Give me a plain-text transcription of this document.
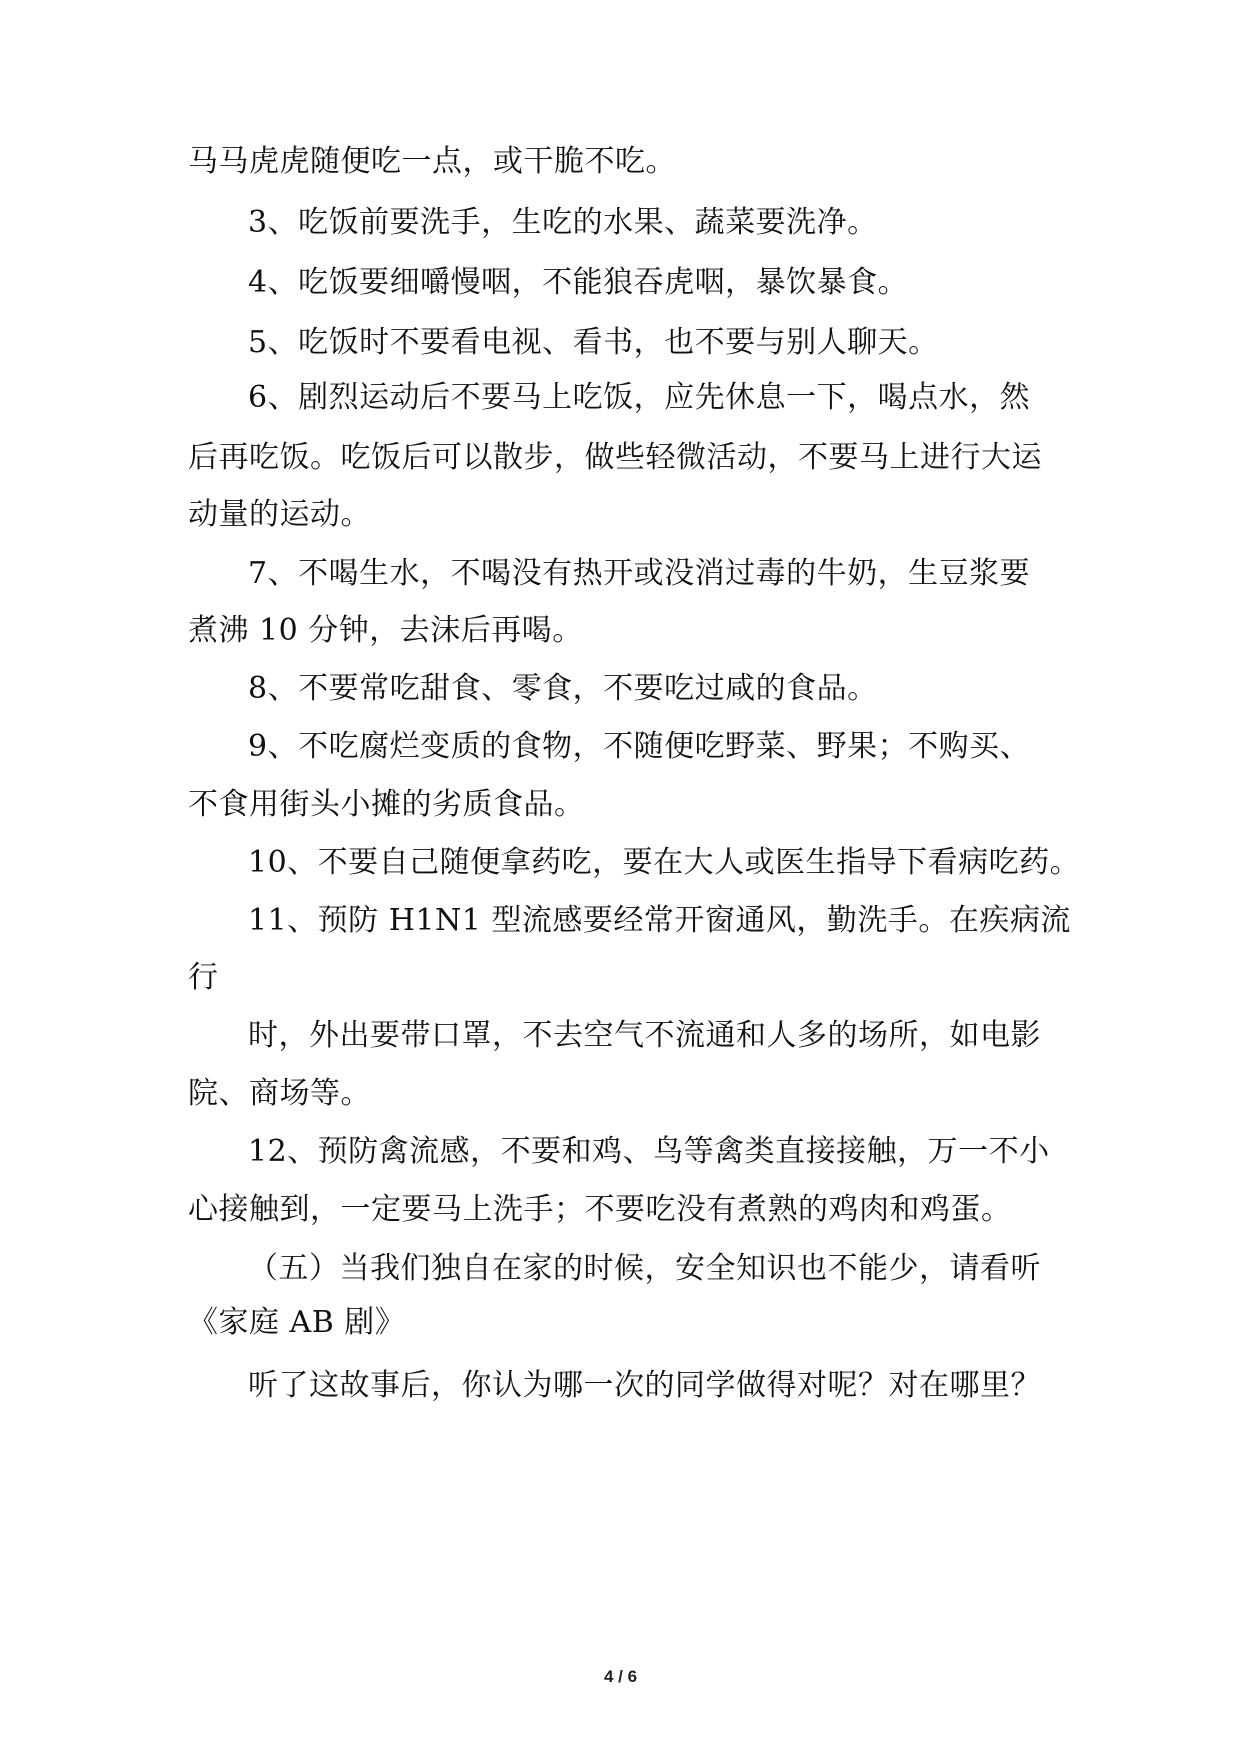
马马虎虎随便吃一点，或干脆不吃。
3、吃饭前要洗手，生吃的水果、蔬菜要洗净。
4、吃饭要细嚼慢咽，不能狼吞虎咽，暴饮暴食。
5、吃饭时不要看电视、看书，也不要与别人聊天。
6、剧烈运动后不要马上吃饭，应先休息一下，喝点水，然
后再吃饭。吃饭后可以散步，做些轻微活动，不要马上进行大运
动量的运动。
7、不喝生水，不喝没有热开或没消过毒的牛奶，生豆浆要
煮沸 10 分钟，去沫后再喝。
8、不要常吃甜食、零食，不要吃过咸的食品。
9、不吃腐烂变质的食物，不随便吃野菜、野果；不购买、
不食用街头小摊的劣质食品。
10、不要自己随便拿药吃，要在大人或医生指导下看病吃药。
11、预防 H1N1 型流感要经常开窗通风，勤洗手。在疾病流
行
时，外出要带口罩，不去空气不流通和人多的场所，如电影
院、商场等。
12、预防禽流感，不要和鸡、鸟等禽类直接接触，万一不小
心接触到，一定要马上洗手；不要吃没有煮熟的鸡肉和鸡蛋。
（五）当我们独自在家的时候，安全知识也不能少，请看听
《家庭 AB 剧》
听了这故事后，你认为哪一次的同学做得对呢？对在哪里？
4 / 6
